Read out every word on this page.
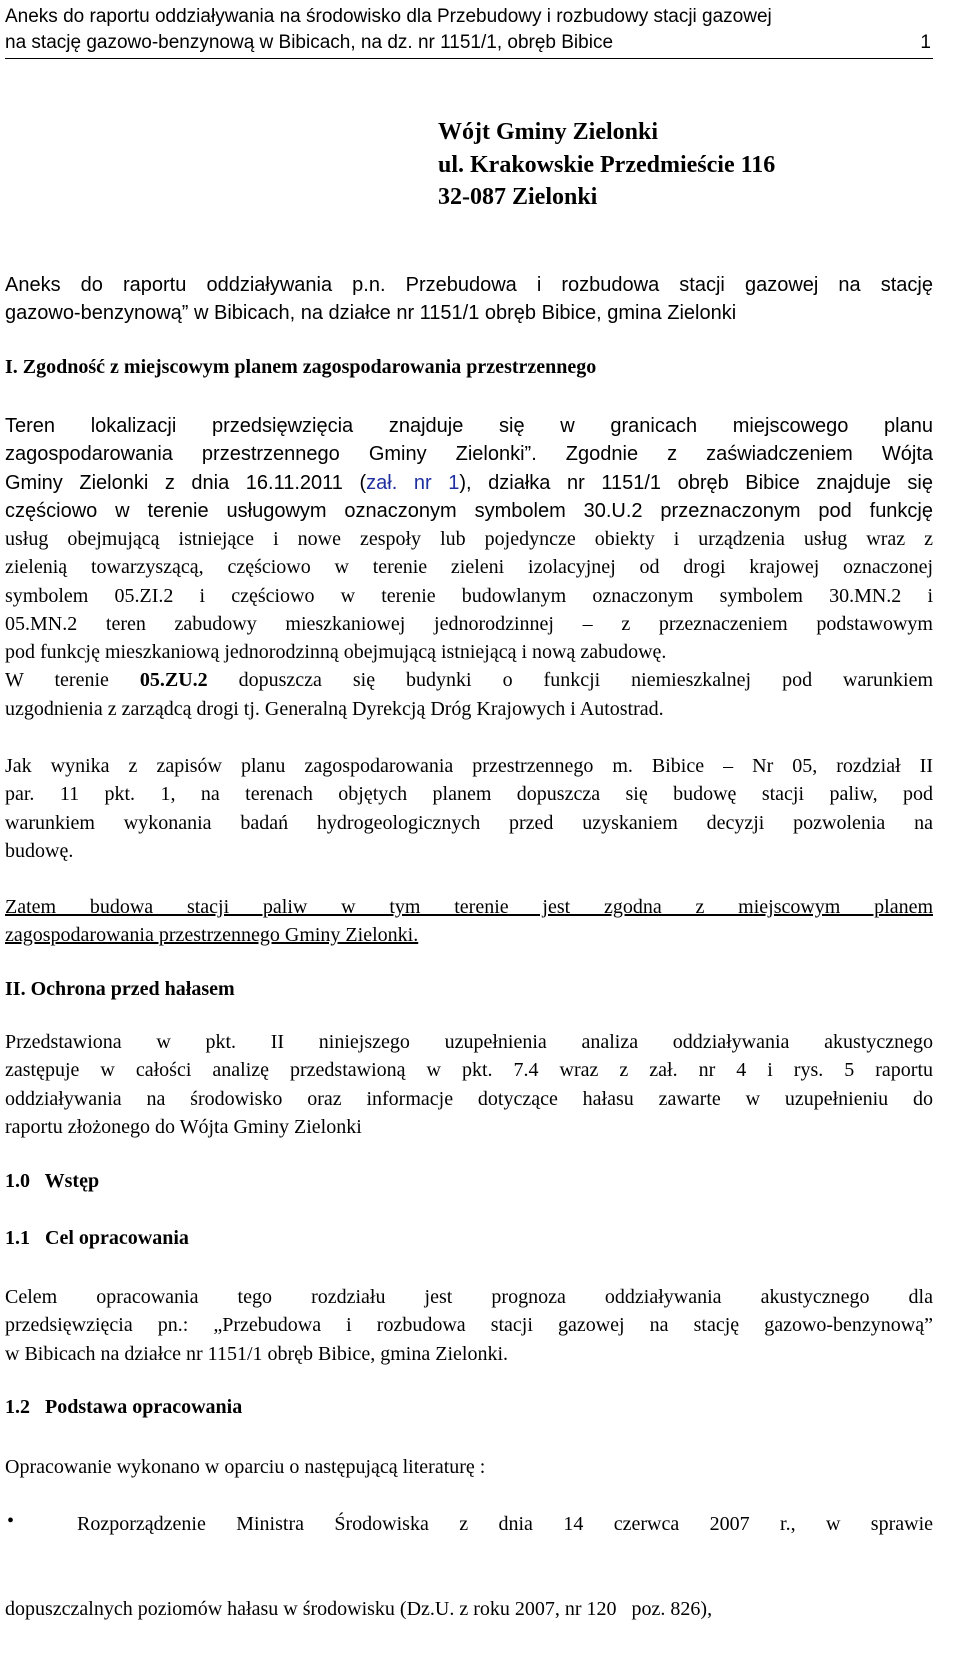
Aneks do raportu oddziaływania na środowisko dla Przebudowy i rozbudowy stacji gazowej
na stację gazowo-benzynową w Bibicach, na dz. nr 1151/1, obręb Bibice	1
Wójt Gminy Zielonki
ul. Krakowskie Przedmieście 116
32-087 Zielonki
Aneks do raportu oddziaływania p.n. Przebudowa i rozbudowa stacji gazowej na stację
gazowo-benzynową” w Bibicach, na działce nr 1151/1 obręb Bibice, gmina Zielonki
I. Zgodność z miejscowym planem zagospodarowania przestrzennego
Teren lokalizacji przedsięwzięcia znajduje się w granicach miejscowego planu
zagospodarowania przestrzennego Gminy Zielonki”. Zgodnie z zaświadczeniem Wójta
Gminy Zielonki z dnia 16.11.2011 (zał. nr 1), działka nr 1151/1 obręb Bibice znajduje się
częściowo w terenie usługowym oznaczonym symbolem 30.U.2 przeznaczonym pod funkcję
usług obejmującą istniejące i nowe zespoły lub pojedyncze obiekty i urządzenia usług wraz z
zielenią towarzyszącą, częściowo w terenie zieleni izolacyjnej od drogi krajowej oznaczonej
symbolem 05.ZI.2 i częściowo w terenie budowlanym oznaczonym symbolem 30.MN.2 i
05.MN.2 teren zabudowy mieszkaniowej jednorodzinnej – z przeznaczeniem podstawowym
pod funkcję mieszkaniową jednorodzinną obejmującą istniejącą i nową zabudowę.
W terenie 05.ZU.2 dopuszcza się budynki o funkcji niemieszkalnej pod warunkiem
uzgodnienia z zarządcą drogi tj. Generalną Dyrekcją Dróg Krajowych i Autostrad.
Jak wynika z zapisów planu zagospodarowania przestrzennego m. Bibice – Nr 05, rozdział II
par. 11 pkt. 1, na terenach objętych planem dopuszcza się budowę stacji paliw, pod
warunkiem wykonania badań hydrogeologicznych przed uzyskaniem decyzji pozwolenia na
budowę.
Zatem budowa stacji paliw w tym terenie jest zgodna z miejscowym planem
zagospodarowania przestrzennego Gminy Zielonki.
II. Ochrona przed hałasem
Przedstawiona w pkt. II niniejszego uzupełnienia analiza oddziaływania akustycznego
zastępuje w całości analizę przedstawioną w pkt. 7.4 wraz z zał. nr 4 i rys. 5 raportu
oddziaływania na środowisko oraz informacje dotyczące hałasu zawarte w uzupełnieniu do
raportu złożonego do Wójta Gminy Zielonki
1.0   Wstęp
1.1   Cel opracowania
Celem opracowania tego rozdziału jest prognoza oddziaływania akustycznego dla
przedsięwzięcia pn.: „Przebudowa i rozbudowa stacji gazowej na stację gazowo-benzynową”
w Bibicach na działce nr 1151/1 obręb Bibice, gmina Zielonki.
1.2   Podstawa opracowania
Opracowanie wykonano w oparciu o następującą literaturę :
•	Rozporządzenie Ministra Środowiska z dnia 14 czerwca 2007 r., w sprawie

dopuszczalnych poziomów hałasu w środowisku (Dz.U. z roku 2007, nr 120   poz. 826),
